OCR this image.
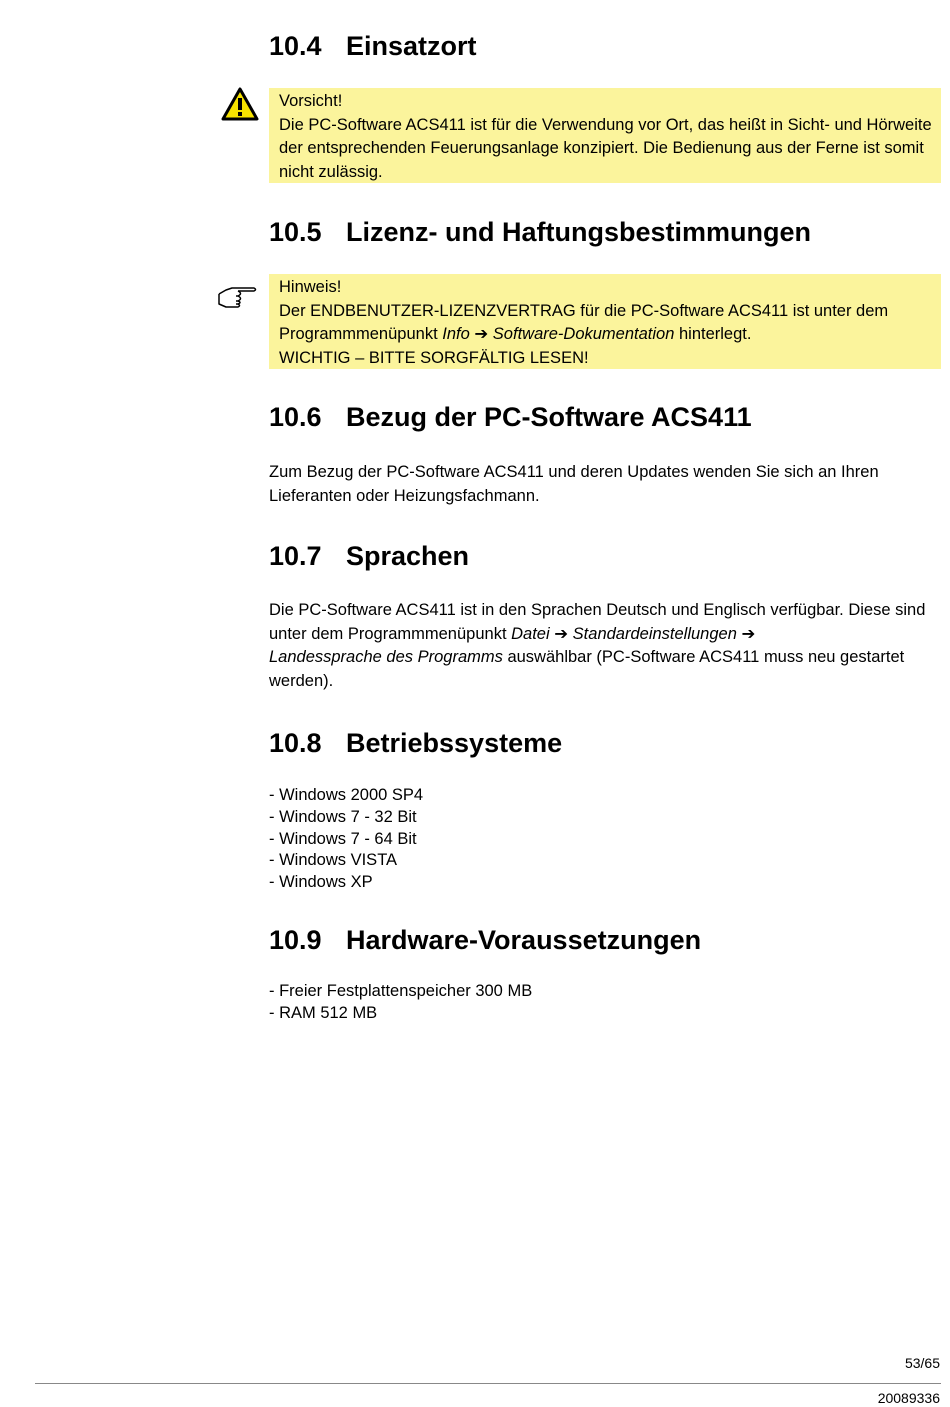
10.4 Einsatzort

Vorsicht!

Die PC-Software ACS411 ist für die Verwendung vor Ort, das heißt in Sicht- und Hörweite der entsprechenden Feuerungsanlage konzipiert. Die Bedienung aus der Ferne ist somit nicht zulässig.

10.5 Lizenz- und Haftungsbestimmungen

Hinweis!

Der ENDBENUTZER-LIZENZVERTRAG für die PC-Software ACS411 ist unter dem Programmmenüpunkt Info ➔ Software-Dokumentation hinterlegt.

WICHTIG – BITTE SORGFÄLTIG LESEN!

10.6 Bezug der PC-Software ACS411

Zum Bezug der PC-Software ACS411 und deren Updates wenden Sie sich an Ihren Lieferanten oder Heizungsfachmann.

10.7 Sprachen

Die PC-Software ACS411 ist in den Sprachen Deutsch und Englisch verfügbar. Diese sind unter dem Programmmenüpunkt Datei ➔ Standardeinstellungen ➔
Landessprache des Programms auswählbar (PC-Software ACS411 muss neu gestartet werden).

10.8 Betriebssysteme
- Windows 2000 SP4
- Windows 7 - 32 Bit
- Windows 7 - 64 Bit
- Windows VISTA
- Windows XP
10.9 Hardware-Voraussetzungen
- Freier Festplattenspeicher 300 MB
- RAM 512 MB
53/65
20089336
